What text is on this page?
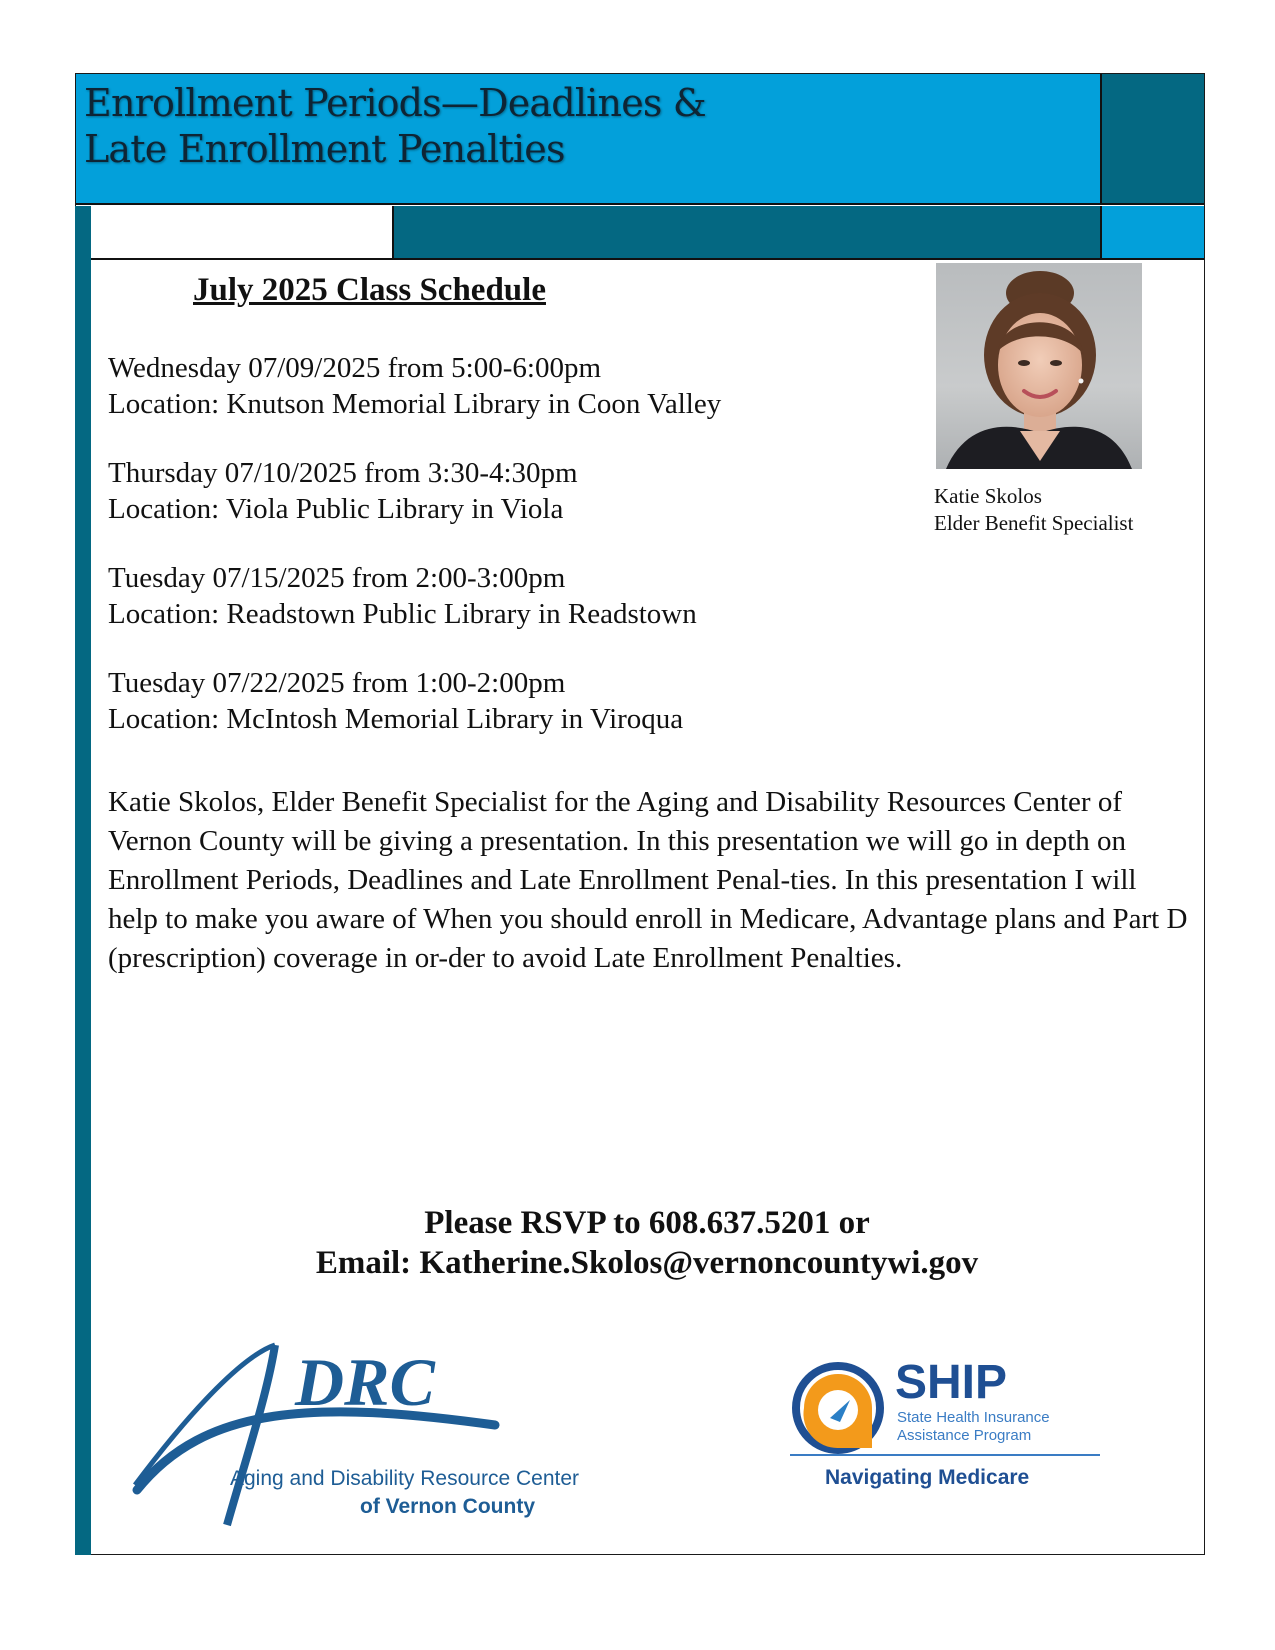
Enrollment Periods—Deadlines &
Late Enrollment Penalties
July 2025 Class Schedule
Wednesday 07/09/2025 from 5:00-6:00pm
Location: Knutson Memorial Library in Coon Valley
Thursday 07/10/2025 from 3:30-4:30pm
Location: Viola Public Library in Viola
Tuesday 07/15/2025 from 2:00-3:00pm
Location: Readstown Public Library in Readstown
Tuesday 07/22/2025 from 1:00-2:00pm
Location: McIntosh Memorial Library in Viroqua
Katie Skolos
Elder Benefit Specialist

Katie Skolos, Elder Benefit Specialist for the Aging and Disability Resources Center of Vernon County will be giving a presentation. In this presentation we will go in depth on Enrollment Periods, Deadlines and Late Enrollment Penal-ties. In this presentation I will help to make you aware of When you should enroll in Medicare, Advantage plans and Part D (prescription) coverage in or-der to avoid Late Enrollment Penalties.

Please RSVP to 608.637.5201 or
Email: Katherine.Skolos@vernoncountywi.gov
DRC
Aging and Disability Resource Center
of Vernon County
SHIP
State Health Insurance
Assistance Program
Navigating Medicare
